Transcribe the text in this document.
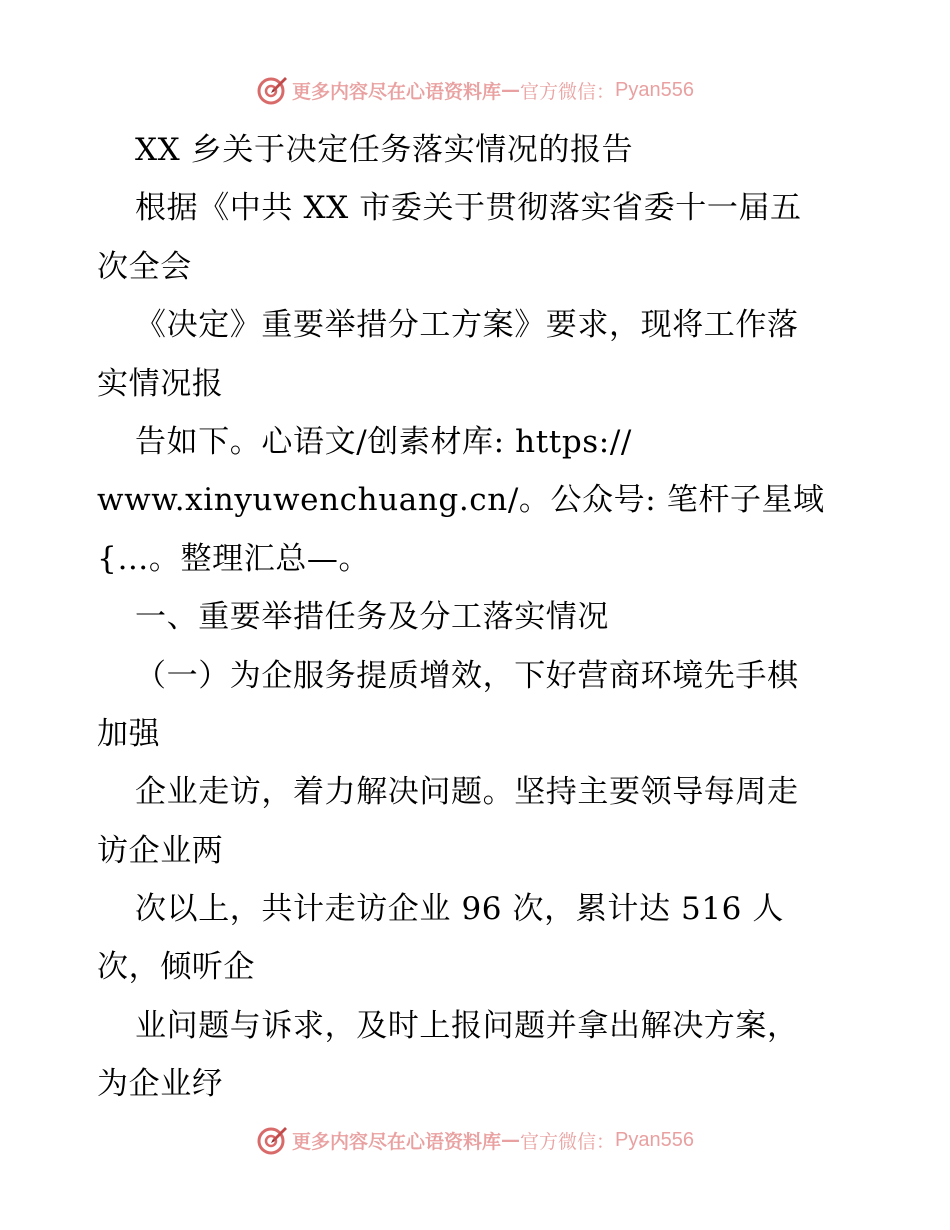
更多内容尽在心语资料库 — 官方微信： Pyan556
XX 乡关于决定任务落实情况的报告
根据《中共 XX 市委关于贯彻落实省委十一届五
次全会
《决定》重要举措分工方案》要求，现将工作落
实情况报
告如下。心语文/创素材库: https://
www.xinyuwenchuang.cn/。公众号: 笔杆子星域
{…。整理汇总—。
一、重要举措任务及分工落实情况
（一）为企服务提质增效，下好营商环境先手棋
加强
企业走访，着力解决问题。坚持主要领导每周走
访企业两
次以上，共计走访企业 96 次，累计达 516 人
次，倾听企
业问题与诉求，及时上报问题并拿出解决方案，
为企业纾
更多内容尽在心语资料库 — 官方微信： Pyan556
